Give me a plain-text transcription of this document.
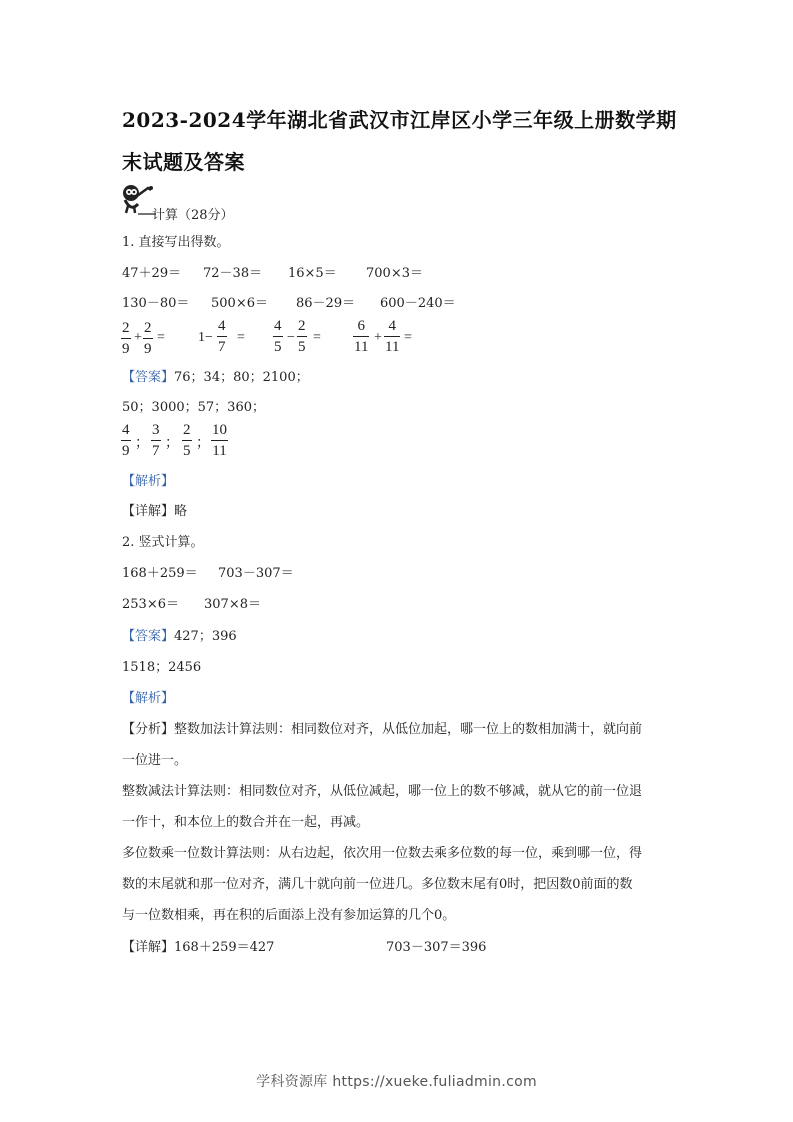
2023-2024学年湖北省武汉市江岸区小学三年级上册数学期
末试题及答案
计算（28分）
1. 直接写出得数。
47＋29＝ 72－38＝ 16×5＝ 700×3＝
130－80＝ 500×6＝ 86－29＝ 600－240＝
$\frac{2}{9} + \frac{2}{9} = 1- \frac{4}{7} = \frac{4}{5} - \frac{2}{5} = \frac{6}{11} + \frac{4}{11}$ =
【答案】76；34；80；2100；
50；3000；57；360；
$\frac{4}{9}$ ； $\frac{3}{7}$ ； $\frac{2}{5}$ ； $\frac{10}{11}$
【解析】
【详解】略
2. 竖式计算。
168＋259＝ 703－307＝
253×6＝ 307×8＝
【答案】427；396
1518；2456
【解析】
【分析】整数加法计算法则：相同数位对齐，从低位加起，哪一位上的数相加满十，就向前
一位进一。
整数减法计算法则：相同数位对齐，从低位减起，哪一位上的数不够减，就从它的前一位退
一作十，和本位上的数合并在一起，再减。
多位数乘一位数计算法则：从右边起，依次用一位数去乘多位数的每一位，乘到哪一位，得
数的末尾就和那一位对齐，满几十就向前一位进几。多位数末尾有0时，把因数0前面的数
与一位数相乘，再在积的后面添上没有参加运算的几个0。
【详解】168＋259＝427	703－307＝396
学科资源库 https://xueke.fuliadmin.com
